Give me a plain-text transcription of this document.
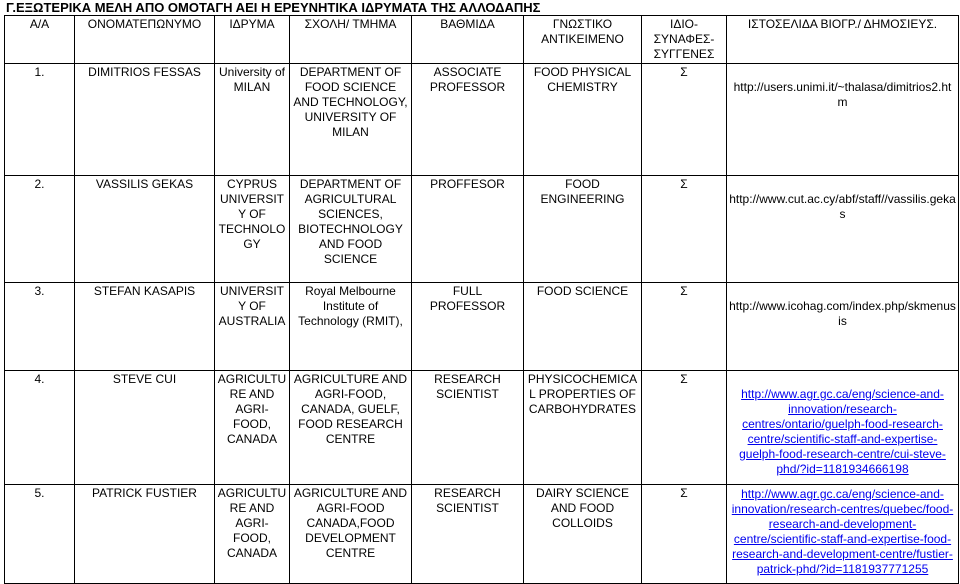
Γ.ΕΞΩΤΕΡΙΚΑ ΜΕΛΗ ΑΠΟ ΟΜΟΤΑΓΗ ΑΕΙ Η ΕΡΕΥΝΗΤΙΚΑ ΙΔΡΥΜΑΤΑ ΤΗΣ ΑΛΛΟΔΑΠΗΣ
Α/Α	ΟΝΟΜΑΤΕΠΩΝΥΜΟ	ΙΔΡΥΜΑ	ΣΧΟΛΗ/ ΤΜΗΜΑ	ΒΑΘΜΙΔΑ	ΓΝΩΣΤΙΚΟ ΑΝΤΙΚΕΙΜΕΝΟ	ΙΔΙΟ-ΣΥΝΑΦΕΣ-ΣΥΓΓΕΝΕΣ	ΙΣΤΟΣΕΛΙΔΑ ΒΙΟΓΡ./ ΔΗΜΟΣΙΕΥΣ.
1.	DIMITRIOS FESSAS	University of MILAN	DEPARTMENT OF FOOD SCIENCE AND TECHNOLOGY, UNIVERSITY OF MILAN	ASSOCIATE PROFESSOR	FOOD PHYSICAL CHEMISTRY	Σ	http://users.unimi.it/~thalasa/dimitrios2.htm
2.	VASSILIS GEKAS	CYPRUS UNIVERSITY OF TECHNOLO GY	DEPARTMENT OF AGRICULTURAL SCIENCES, BIOTECHNOLOGY AND FOOD SCIENCE	PROFFESOR	FOOD ENGINEERING	Σ	http://www.cut.ac.cy/abf/staff//vassilis.gekas
3.	STEFAN KASAPIS	UNIVERSITY OF AUSTRALIA	Royal Melbourne Institute of Technology (RMIT),	FULL PROFESSOR	FOOD SCIENCE	Σ	http://www.icohag.com/index.php/skmenusis
4.	STEVE CUI	AGRICULTURE AND AGRI-FOOD, CANADA	AGRICULTURE AND AGRI-FOOD, CANADA, GUELF, FOOD RESEARCH CENTRE	RESEARCH SCIENTIST	PHYSICOCHEMICAL PROPERTIES OF CARBOHYDRATES	Σ	http://www.agr.gc.ca/eng/science-and-innovation/research-centres/ontario/guelph-food-research-centre/scientific-staff-and-expertise-guelph-food-research-centre/cui-steve-phd/?id=1181934666198
5.	PATRICK FUSTIER	AGRICULTURE AND AGRI-FOOD, CANADA	AGRICULTURE AND AGRI-FOOD CANADA,FOOD DEVELOPMENT CENTRE	RESEARCH SCIENTIST	DAIRY SCIENCE AND FOOD COLLOIDS	Σ	http://www.agr.gc.ca/eng/science-and-innovation/research-centres/quebec/food-research-and-development-centre/scientific-staff-and-expertise-food-research-and-development-centre/fustier-patrick-phd/?id=1181937771255
